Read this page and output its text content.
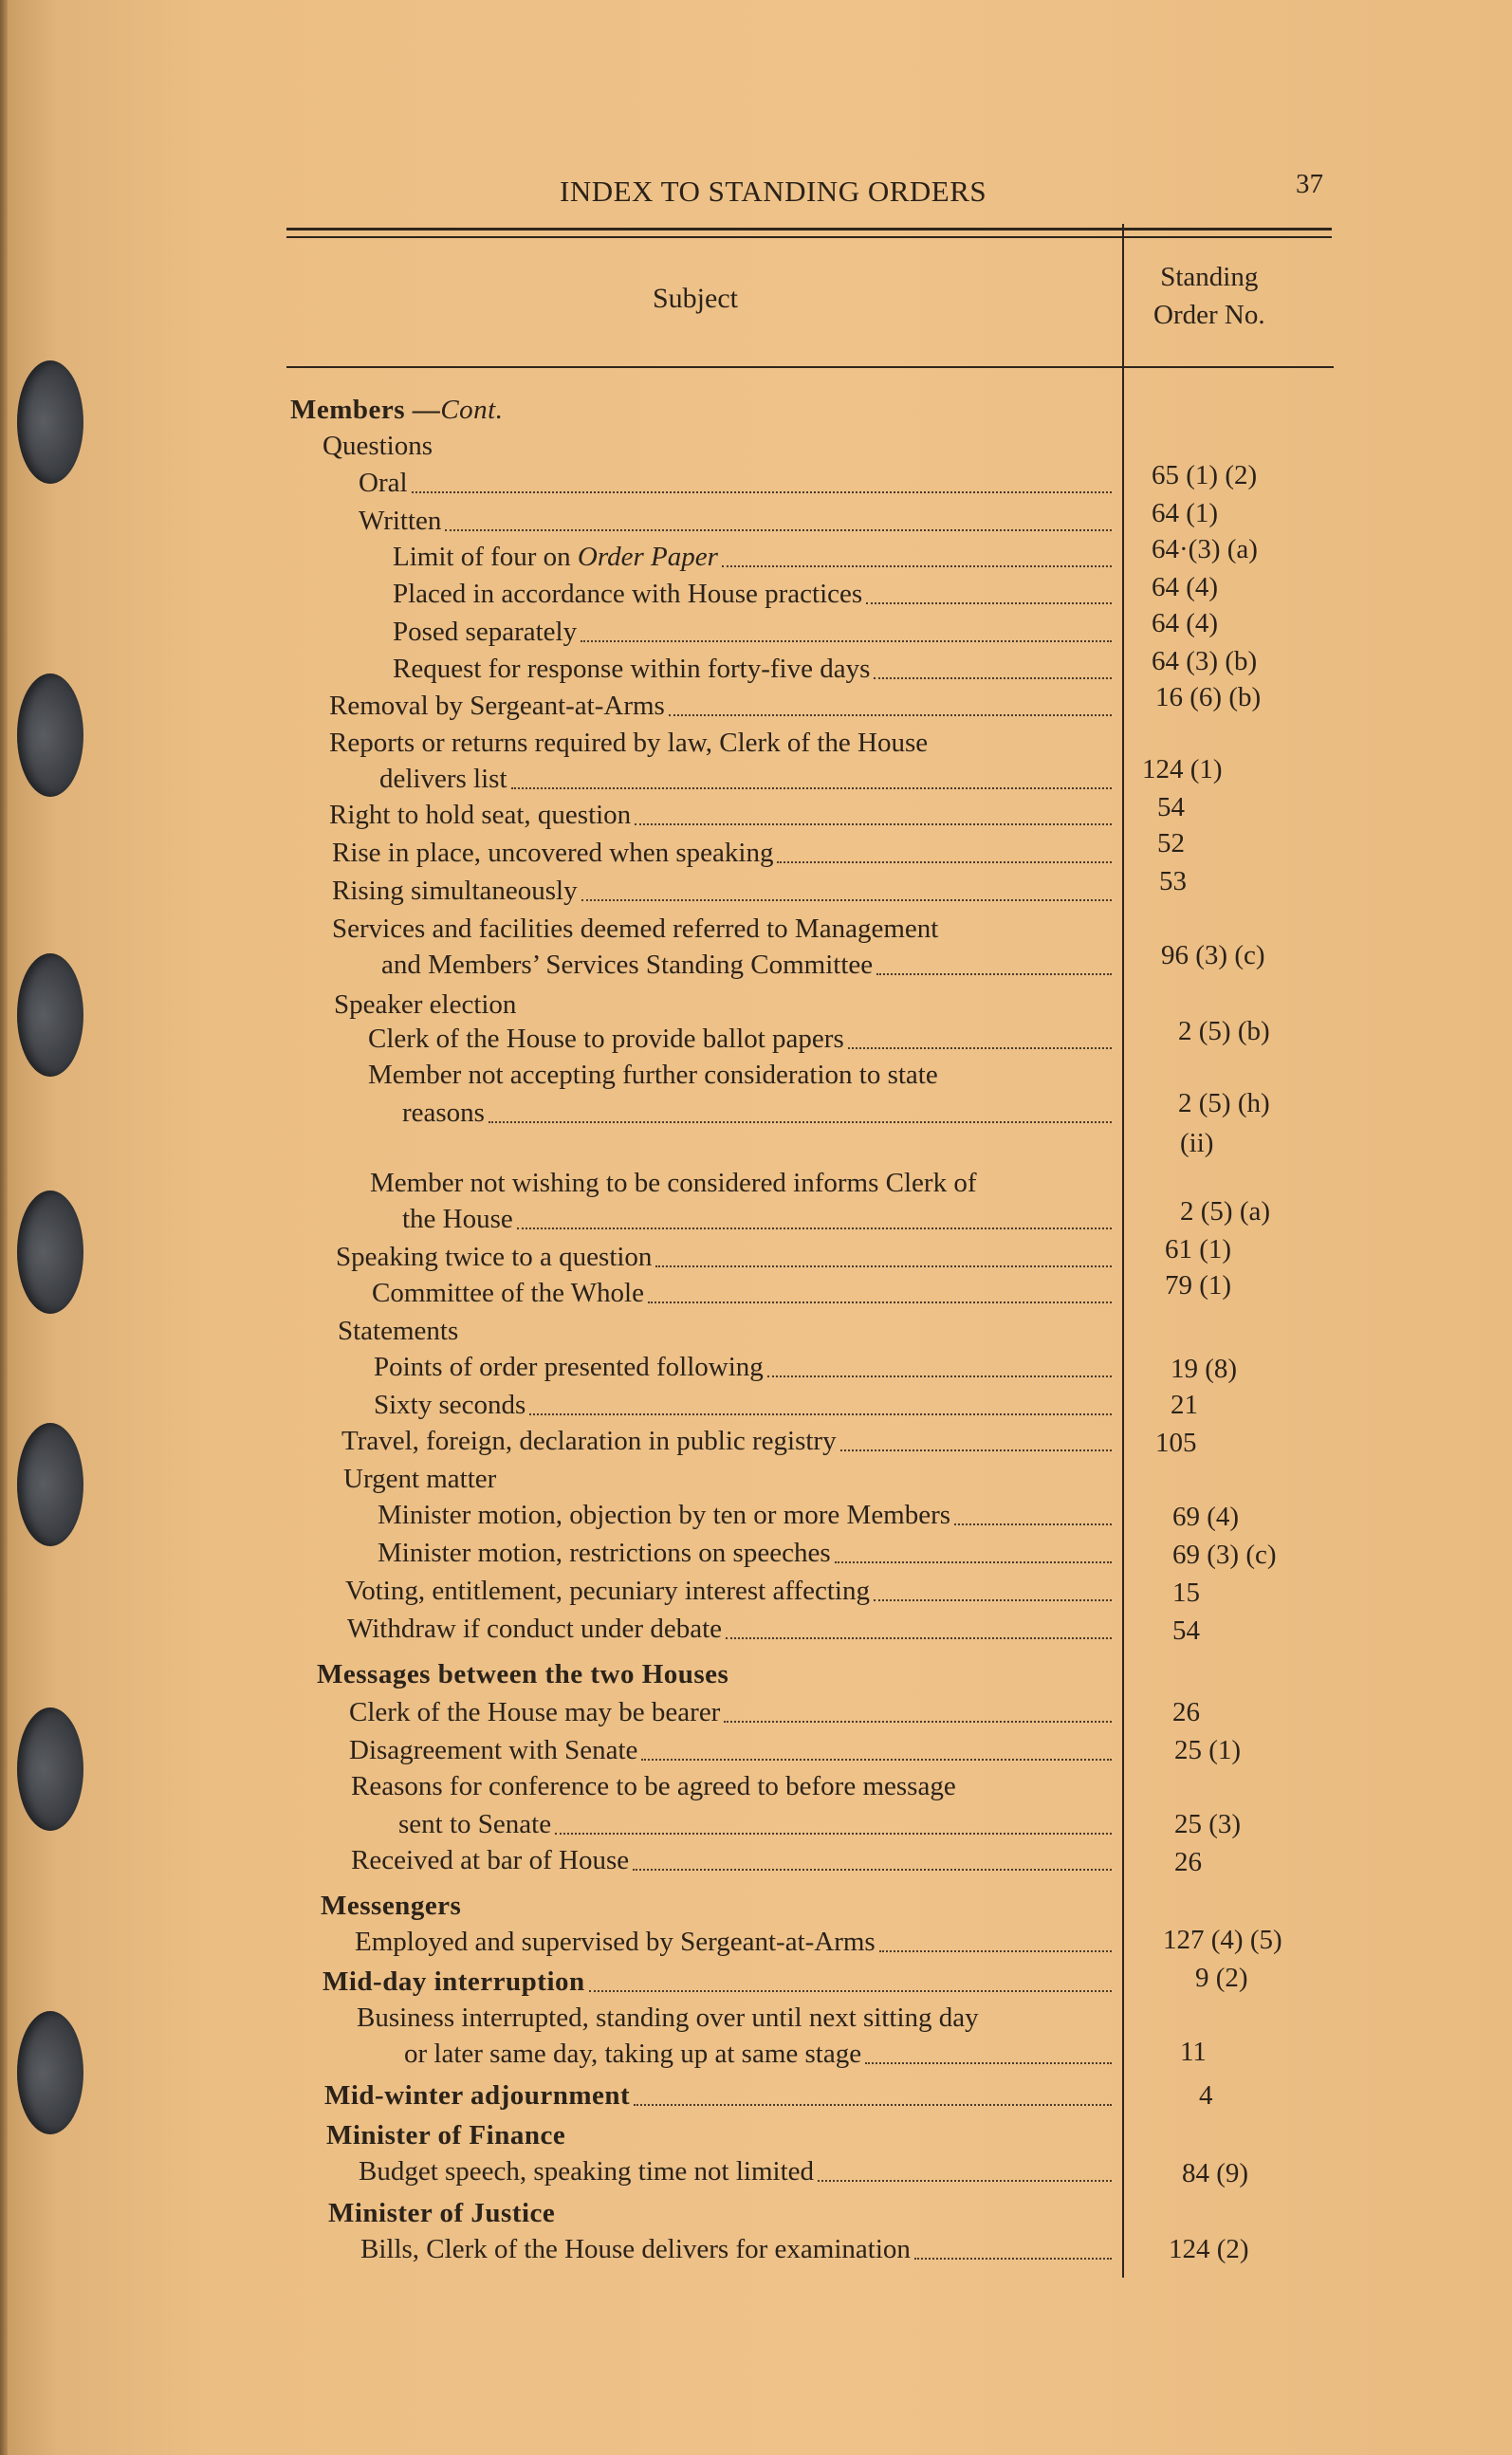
INDEX TO STANDING ORDERS	37
Subject
Standing
Order No.
Members —Cont.
Questions
Oral	65 (1) (2)
Written	64 (1)
Limit of four on Order Paper	64·(3) (a)
Placed in accordance with House practices	64 (4)
Posed separately	64 (4)
Request for response within forty-five days	64 (3) (b)
Removal by Sergeant-at-Arms	16 (6) (b)
Reports or returns required by law, Clerk of the House
delivers list	124 (1)
Right to hold seat, question	54
Rise in place, uncovered when speaking	52
Rising simultaneously	53
Services and facilities deemed referred to Management
and Members’ Services Standing Committee	96 (3) (c)
Speaker election
Clerk of the House to provide ballot papers	2 (5) (b)
Member not accepting further consideration to state
reasons	2 (5) (h)
(ii)
Member not wishing to be considered informs Clerk of
the House	2 (5) (a)
Speaking twice to a question	61 (1)
Committee of the Whole	79 (1)
Statements
Points of order presented following	19 (8)
Sixty seconds	21
Travel, foreign, declaration in public registry	105
Urgent matter
Minister motion, objection by ten or more Members	69 (4)
Minister motion, restrictions on speeches	69 (3) (c)
Voting, entitlement, pecuniary interest affecting	15
Withdraw if conduct under debate	54
Messages between the two Houses
Clerk of the House may be bearer	26
Disagreement with Senate	25 (1)
Reasons for conference to be agreed to before message
sent to Senate	25 (3)
Received at bar of House	26
Messengers
Employed and supervised by Sergeant-at-Arms	127 (4) (5)
Mid-day interruption	9 (2)
Business interrupted, standing over until next sitting day
or later same day, taking up at same stage	11
Mid-winter adjournment	4
Minister of Finance
Budget speech, speaking time not limited	84 (9)
Minister of Justice
Bills, Clerk of the House delivers for examination	124 (2)
